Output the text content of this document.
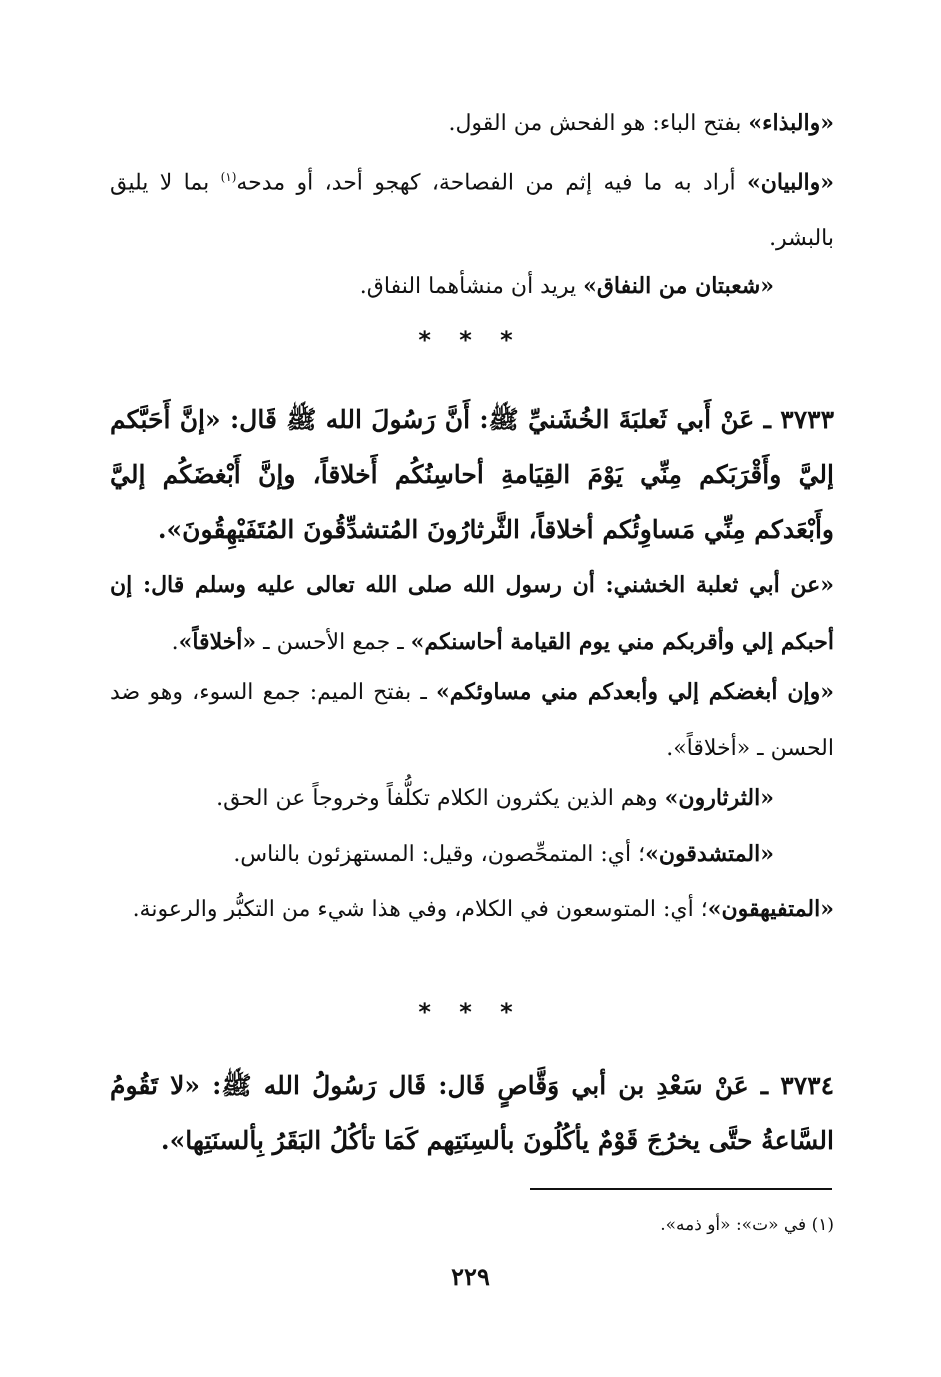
«والبذاء» بفتح الباء: هو الفحش من القول.

«والبيان» أراد به ما فيه إثم من الفصاحة، كهجو أحد، أو مدحه$^{(١)}$ بما لا يليق بالبشر.

«شعبتان من النفاق» يريد أن منشأهما النفاق.

* * *

٣٧٣٣ ـ عَنْ أَبي ثَعلبَةَ الخُشَنيِّ ﷺ: أَنَّ رَسُولَ الله ﷺ قَال: «إنَّ أَحَبَّكم إليَّ وأَقْرَبَكم مِنِّي يَوْمَ القِيَامةِ أحاسِنُكُم أَخلاقاً، وإنَّ أَبْغضَكُم إليَّ وأَبْعَدكم مِنِّي مَساوِئُكم أخلاقاً، الثَّرثارُونَ المُتشدِّقُونَ المُتَفَيْهِقُونَ».

«عن أبي ثعلبة الخشني: أن رسول الله صلى الله تعالى عليه وسلم قال: إن أحبكم إلي وأقربكم مني يوم القيامة أحاسنكم» ـ جمع الأحسن ـ «أخلاقاً».

«وإن أبغضكم إلي وأبعدكم مني مساوئكم» ـ بفتح الميم: جمع السوء، وهو ضد الحسن ـ «أخلاقاً».

«الثرثارون» وهم الذين يكثرون الكلام تكلُّفاً وخروجاً عن الحق.

«المتشدقون»؛ أي: المتمحِّصون، وقيل: المستهزئون بالناس.

«المتفيهقون»؛ أي: المتوسعون في الكلام، وفي هذا شيء من التكبُّر والرعونة.

* * *

٣٧٣٤ ـ عَنْ سَعْدِ بن أبي وَقَّاصٍ قَال: قَال رَسُولُ الله ﷺ: «لا تَقُومُ السَّاعةُ حتَّى يخرُجَ قَوْمٌ يأكُلُونَ بألسِنَتِهم كَمَا تأكُلُ البَقَرُ بِألسنَتِها».

(١) في «ت»: «أو ذمه».
٢٢٩
